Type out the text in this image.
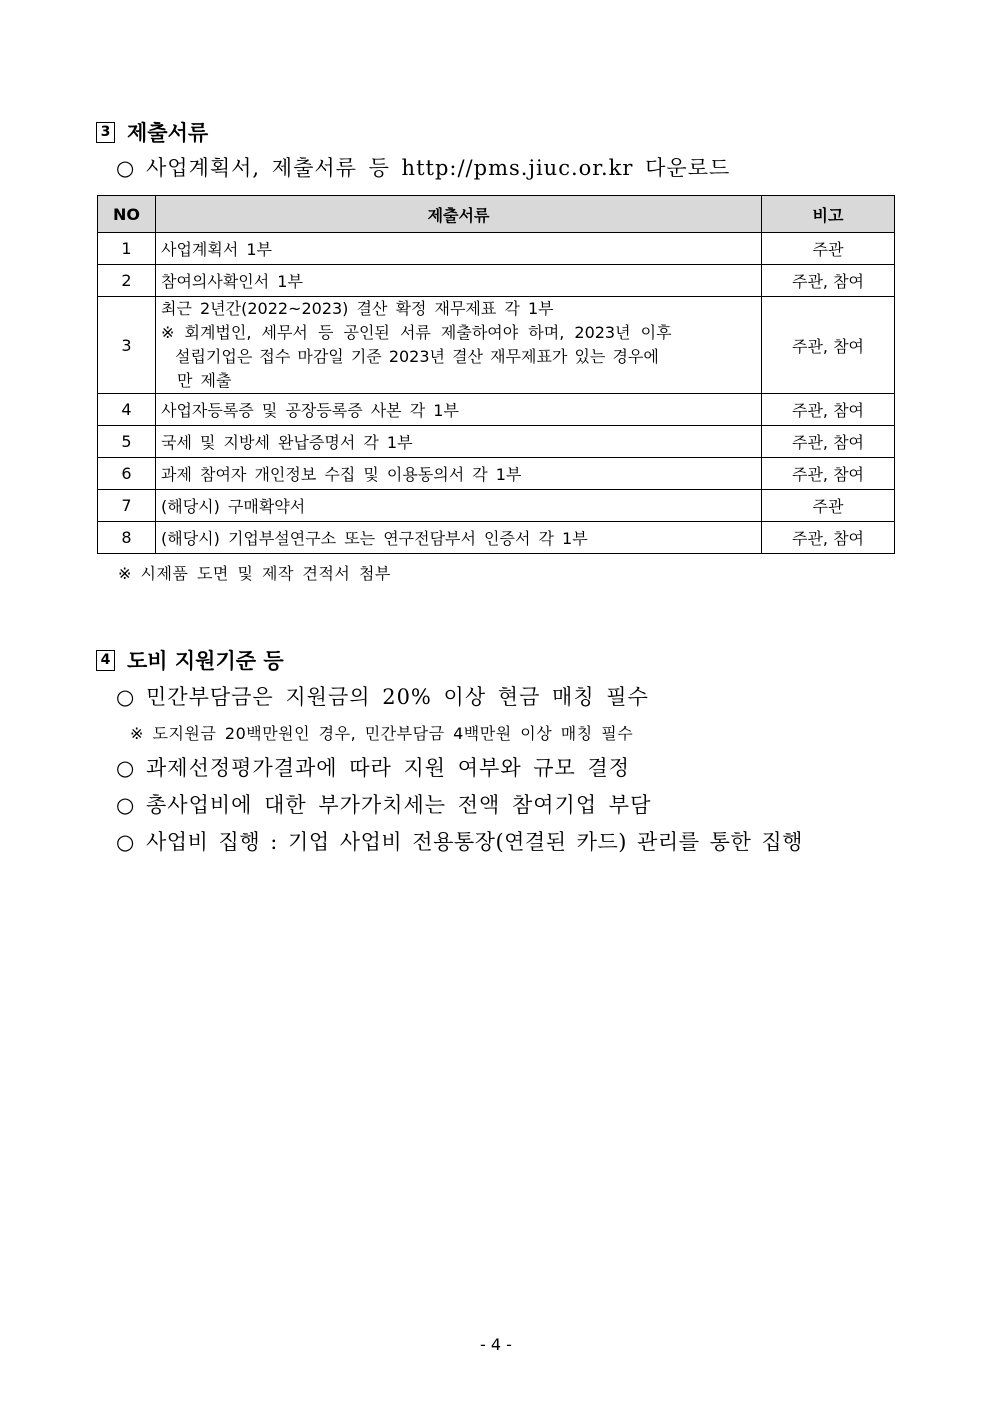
3 제출서류
○ 사업계획서, 제출서류 등 http://pms.jiuc.or.kr 다운로드
NO	제출서류	비고
1	사업계획서 1부	주관
2	참여의사확인서 1부	주관, 참여
3	최근 2년간(2022~2023) 결산 확정 재무제표 각 1부
※ 회계법인, 세무서 등 공인된 서류 제출하여야 하며, 2023년 이후
설립기업은 접수 마감일 기준 2023년 결산 재무제표가 있는 경우에
만 제출	주관, 참여
4	사업자등록증 및 공장등록증 사본 각 1부	주관, 참여
5	국세 및 지방세 완납증명서 각 1부	주관, 참여
6	과제 참여자 개인정보 수집 및 이용동의서 각 1부	주관, 참여
7	(해당시) 구매확약서	주관
8	(해당시) 기업부설연구소 또는 연구전담부서 인증서 각 1부	주관, 참여
※ 시제품 도면 및 제작 견적서 첨부
4 도비 지원기준 등
○ 민간부담금은 지원금의 20% 이상 현금 매칭 필수
※ 도지원금 20백만원인 경우, 민간부담금 4백만원 이상 매칭 필수
○ 과제선정평가결과에 따라 지원 여부와 규모 결정
○ 총사업비에 대한 부가가치세는 전액 참여기업 부담
○ 사업비 집행 : 기업 사업비 전용통장(연결된 카드) 관리를 통한 집행
- 4 -
